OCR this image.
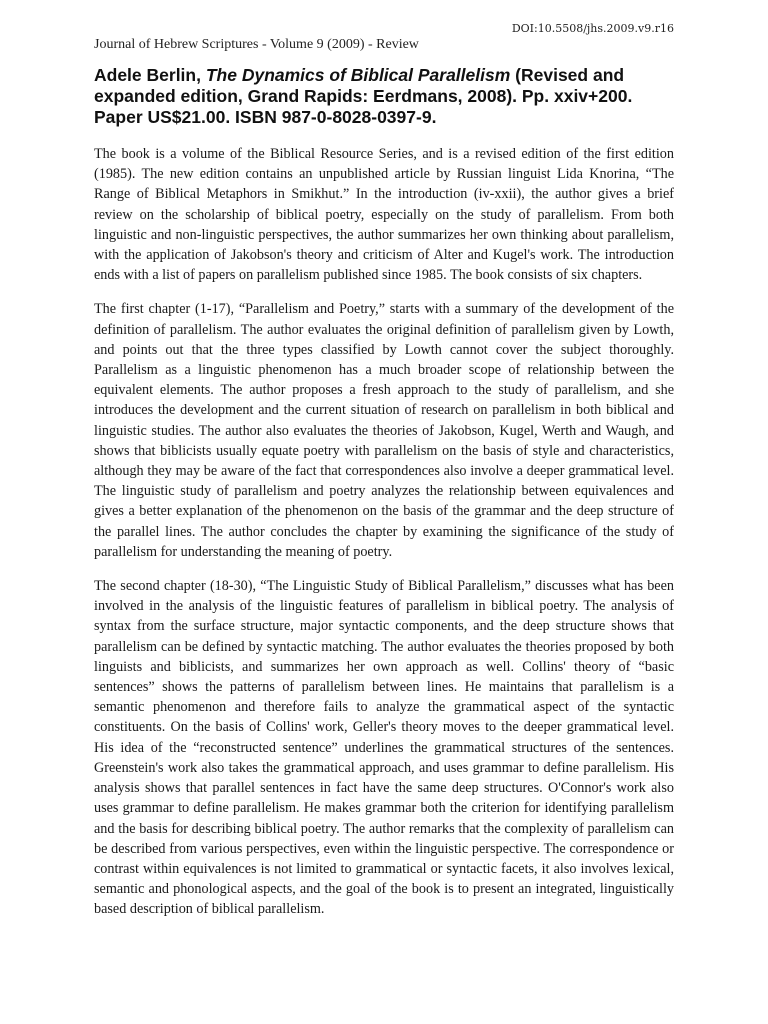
DOI:10.5508/jhs.2009.v9.r16
Journal of Hebrew Scriptures - Volume 9 (2009) - Review
Adele Berlin, The Dynamics of Biblical Parallelism (Revised and expanded edition, Grand Rapids: Eerdmans, 2008). Pp. xxiv+200. Paper US$21.00. ISBN 987-0-8028-0397-9.

The book is a volume of the Biblical Resource Series, and is a revised edition of the first edition (1985). The new edition contains an unpublished article by Russian linguist Lida Knorina, “The Range of Biblical Metaphors in Smikhut.” In the introduction (iv-xxii), the author gives a brief review on the scholarship of biblical poetry, especially on the study of parallelism. From both linguistic and non-linguistic perspectives, the author summarizes her own thinking about parallelism, with the application of Jakobson's theory and criticism of Alter and Kugel's work. The introduction ends with a list of papers on parallelism published since 1985. The book consists of six chapters.

The first chapter (1-17), “Parallelism and Poetry,” starts with a summary of the development of the definition of parallelism. The author evaluates the original definition of parallelism given by Lowth, and points out that the three types classified by Lowth cannot cover the subject thoroughly. Parallelism as a linguistic phenomenon has a much broader scope of relationship between the equivalent elements. The author proposes a fresh approach to the study of parallelism, and she introduces the development and the current situation of research on parallelism in both biblical and linguistic studies. The author also evaluates the theories of Jakobson, Kugel, Werth and Waugh, and shows that biblicists usually equate poetry with parallelism on the basis of style and characteristics, although they may be aware of the fact that correspondences also involve a deeper grammatical level. The linguistic study of parallelism and poetry analyzes the relationship between equivalences and gives a better explanation of the phenomenon on the basis of the grammar and the deep structure of the parallel lines. The author concludes the chapter by examining the significance of the study of parallelism for understanding the meaning of poetry.

The second chapter (18-30), “The Linguistic Study of Biblical Parallelism,” discusses what has been involved in the analysis of the linguistic features of parallelism in biblical poetry. The analysis of syntax from the surface structure, major syntactic components, and the deep structure shows that parallelism can be defined by syntactic matching. The author evaluates the theories proposed by both linguists and biblicists, and summarizes her own approach as well. Collins' theory of “basic sentences” shows the patterns of parallelism between lines. He maintains that parallelism is a semantic phenomenon and therefore fails to analyze the grammatical aspect of the syntactic constituents. On the basis of Collins' work, Geller's theory moves to the deeper grammatical level. His idea of the “reconstructed sentence” underlines the grammatical structures of the sentences. Greenstein's work also takes the grammatical approach, and uses grammar to define parallelism. His analysis shows that parallel sentences in fact have the same deep structures. O'Connor's work also uses grammar to define parallelism. He makes grammar both the criterion for identifying parallelism and the basis for describing biblical poetry. The author remarks that the complexity of parallelism can be described from various perspectives, even within the linguistic perspective. The correspondence or contrast within equivalences is not limited to grammatical or syntactic facets, it also involves lexical, semantic and phonological aspects, and the goal of the book is to present an integrated, linguistically based description of biblical parallelism.
